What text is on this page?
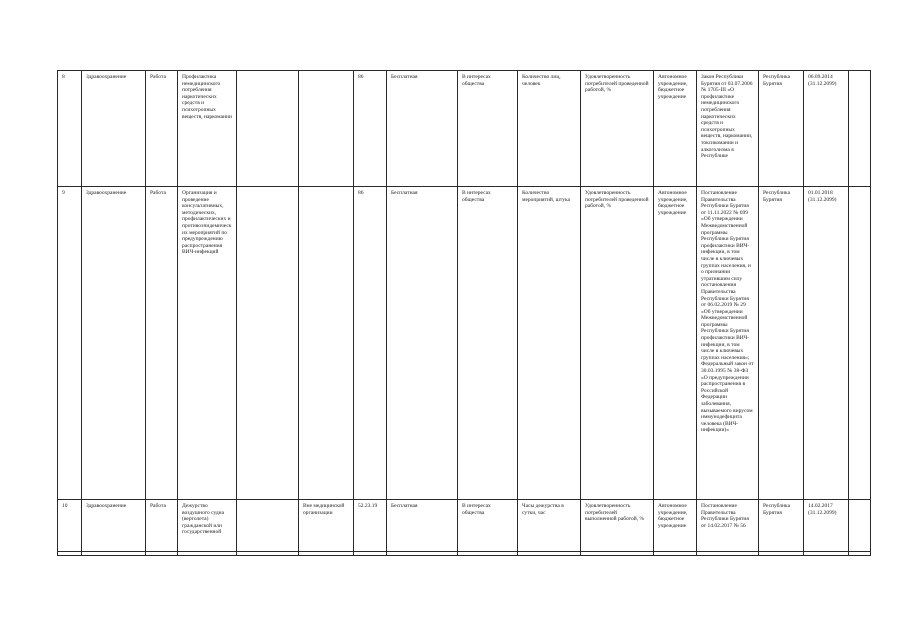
8	Здравоохранение	Работа	Профилактика немедицинского потребления наркотических средств и психотропных веществ, наркомании			86	Бесплатная	В интересах общества	Количество лиц, человек	Удовлетворенность потребителей проведенной работой, %	Автономное учреждение, бюджетное учреждение	Закон Республики Бурятия от 03.07.2006 № 1705-III «О профилактике немедицинского потребления наркотических средств и психотропных веществ, наркомании, токсикомании и алкоголизма в Республике	Республика Бурятия	06.09.2014
(31.12.2099)	
9	Здравоохранение	Работа	Организация и проведение консультативных, методических, профилактических и противоэпидемических мероприятий по предупреждению распространения ВИЧ-инфекций			86	Бесплатная	В интересах общества	Количество мероприятий, штука	Удовлетворенность потребителей проведенной работой, %	Автономное учреждение, бюджетное учреждение	Постановление Правительства Республики Бурятия от 11.11.2022 № 699 «Об утверждении Межведомственной программы Республики Бурятия профилактики ВИЧ-инфекции, в том числе в ключевых группах населения, и о признании утратившим силу постановления Правительства Республики Бурятия от 06.02.2019 № 29 «Об утверждении Межведомственной программы Республики Бурятия профилактики ВИЧ-инфекции, в том числе в ключевых группах населения»; Федеральный закон от 30.03.1995 № 38-ФЗ «О предупреждении распространения в Российской Федерации заболевания, вызываемого вирусом иммунодефицита человека (ВИЧ-инфекции)»	Республика Бурятия	01.01.2018
(31.12.2099)	
10	Здравоохранение	Работа	Дежурство воздушного судна (вертолета) гражданской или государственной		Вне медицинской организации	52.23.19	Бесплатная	В интересах общества	Часы дежурства в сутки, час	Удовлетворенность потребителей выполненной работой, %	Автономное учреждение, бюджетное учреждение	Постановление Правительства Республики Бурятия от 14.02.2017 № 56	Республика Бурятия	14.02.2017
(31.12.2099)	
